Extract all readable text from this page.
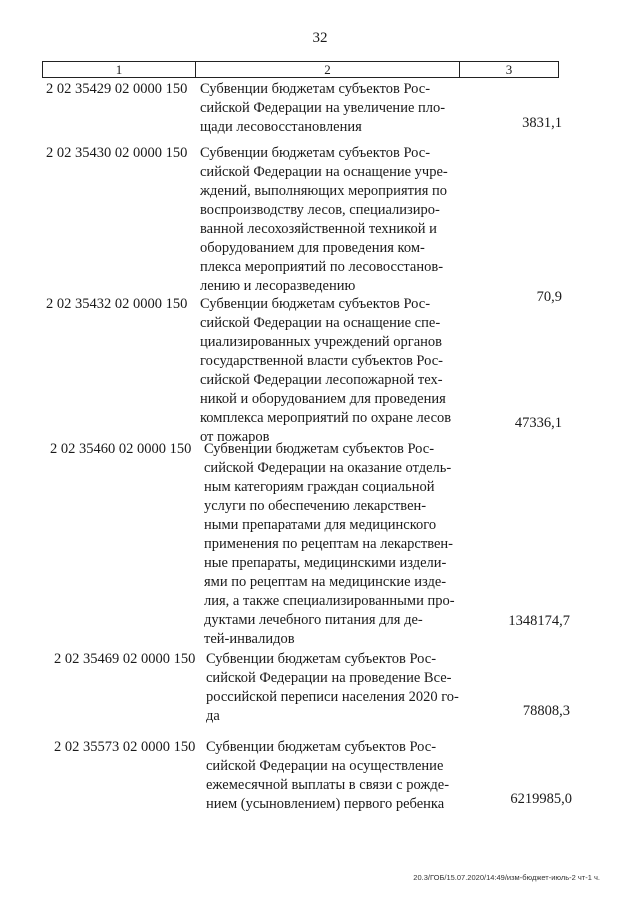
32
1	2	3
2 02 35429 02 0000 150 Субвенции бюджетам субъектов Рос-
сийской Федерации на увеличение пло-
щади лесовосстановления	3831,1
2 02 35430 02 0000 150 Субвенции бюджетам субъектов Рос-
сийской Федерации на оснащение учре-
ждений, выполняющих мероприятия по
воспроизводству лесов, специализиро-
ванной лесохозяйственной техникой и
оборудованием для проведения ком-
плекса мероприятий по лесовосстанов-
лению и лесоразведению
70,9
2 02 35432 02 0000 150 Субвенции бюджетам субъектов Рос-
сийской Федерации на оснащение спе-
циализированных учреждений органов
государственной власти субъектов Рос-
сийской Федерации лесопожарной тех-
никой и оборудованием для проведения
комплекса мероприятий по охране лесов
от пожаров
47336,1
2 02 35460 02 0000 150 Субвенции бюджетам субъектов Рос-
сийской Федерации на оказание отдель-
ным категориям граждан социальной
услуги по обеспечению лекарствен-
ными препаратами для медицинского
применения по рецептам на лекарствен-
ные препараты, медицинскими издели-
ями по рецептам на медицинские изде-
лия, а также специализированными про-
дуктами лечебного питания для де-
тей-инвалидов
1348174,7
2 02 35469 02 0000 150 Субвенции бюджетам субъектов Рос-
сийской Федерации на проведение Все-
российской переписи населения 2020 го-
да	78808,3
2 02 35573 02 0000 150 Субвенции бюджетам субъектов Рос-
сийской Федерации на осуществление
ежемесячной выплаты в связи с рожде-
нием (усыновлением) первого ребенка	6219985,0
20.3/ГОБ/15.07.2020/14:49/изм-бюджет-июль-2 чт-1 ч.
